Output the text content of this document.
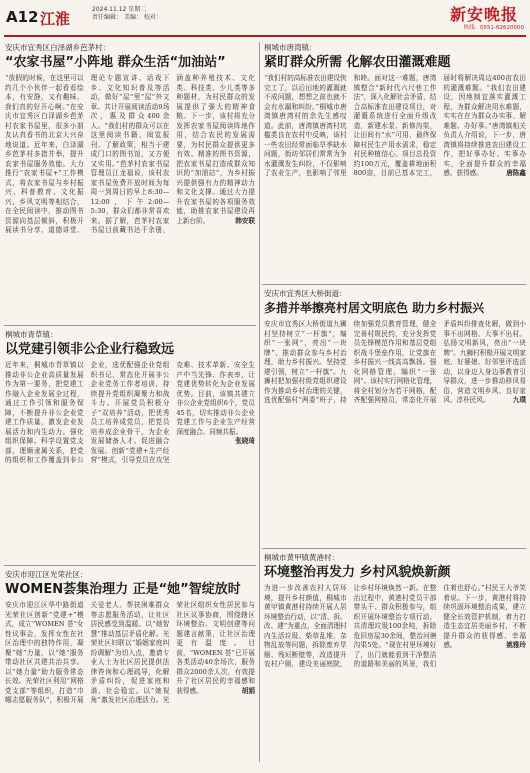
A12 江淮
2024.11.12 星期二
责任编辑： 美编： 校对：	新安晚报
热线：0551-62620000
安庆市宜秀区白泽湖乡芭茅村：
“农家书屋”小阵地 群众生活“加油站”
“放假的时候，在这里可以约几个小伙伴一起看看绘本，有安静，又有趣味，我们真的好开心啊。”在安庆市宜秀区白泽湖乡芭茅村农家书屋里，很多小朋友认真看书的北京大兴奋地说道。近年来，白泽湖乡芭茅村多措并举，提升农家书屋服务效能。大力推行“农家书屋+”工作模式，将农家书屋与乡村振兴、科普教育、文化振兴、乡风文明等相结合，在全民阅读中，推动图书资源向基层倾斜，积极开展读书分享、道德讲堂、理论专题宣讲、话戏下乡、文化知识普及等活动，做好“屋”里“屋”外文章。共计开展阅读活动9场次，惠及群众400余人。“我们村的群众可以在这里阅读书籍、阅览报刊、了解政策，相当于建成门口的图书馆，又方便又实用。”芭茅村农家书屋管理员江龙福说，该村农家书屋免费开放时间为每周一到周日的早上8:30—12:00，下午2:00—5:30，群众们都非常喜欢来。据了解，芭茅村农家书屋目前藏书达千余册，涵盖种养殖技术、文化类、科技类、少儿类等多种题材，为村民群众的发展提供了强大的精神食粮。下一步，该村将充分发挥农家书屋阅读阵地作用，结合农民的发展需要，为村民群众提供更多有效、精准的图书资源，把农家书屋打造成群众知识的“加油站”，为乡村振兴提供强有力的精神动力和文化支撑。通过大力提升农家书屋的各项服务效能，助推农家书屋建设再上新台阶。	韩安联
桐城市唐湾镇：
紧盯群众所需 化解农田灌溉难题
“我们村的高标准农田建设快完工了，以后田地的灌溉就不成问题，想想之前也就不会有水漏和纠纷。”桐城市唐湾镇唐湾村的余先生感叹道。此前，唐湾镇唐湾村坑槛类良在农村中反映，该村一些农田经常面临旱季缺水问题，街坊邻居们常常为争水灌溉发生纠纷，不仅影响了农业生产，也影响了邻里和睦。面对这一难题，唐湾镇整合“新时代六尺巷工作法”，深入化解社会矛盾，结合高标准农田建设项目，对灌溉系统进行全面升级改造，新建水泵、新修沟渠，让田间有“水”可用，最终保障村民生产用水需求，稳定村民种植信心。项目总投资约100万元，覆盖耕地面积800亩，目前已基本完工，届时将解决周边400亩农田的灌溉难题。“我们农田建设，因地制宜落实灌溉工程，为群众解决用水难题，实实在在为群众办实事、解难题、办好事。”唐湾镇相关负责人介绍说，下一步，唐湾镇将持续推进农田建设工作，把好事办好、实事办实，全面提升群众的幸福感、获得感。	唐陈鑫
桐城市青草镇：
以党建引领非公企业行稳致远
近年来，桐城市青草镇以推动非公企业高质量发展作为第一要务，把党建工作融入企业发展全过程，通过工作引领和服务保障，不断提升非公企业党建工作质量，激发企业发展活力和内生动力。强化组织保障。科学设置党支部，理顺隶属关系，把党的组织和工作覆盖到非公企业，选优配强企业党组织书记，常态化开展非公企业党务工作者培训，持续提升党组织凝聚力和战斗力。开展党员积极分子“双培养”活动，把优秀员工培养成党员，把党员培养成企业骨干，为企业发展储备人才。促进融合发展。创新“党建+生产经营”模式，引导党员在攻坚克难、技术革新、安全生产中当先锋、作表率，让党建优势转化为企业发展优势。目前，该镇共建立非公企业党组织6个，党员45名，切实推动非公企业党建工作与企业生产经营深度融合、同频共振。
张晓琦
安庆市宜秀区大桥街道：
多措并举擦亮村居文明底色 助力乡村振兴
安庆市宜秀区大桥街道九狮村坚持树立“一杆旗”，编织“一张网”，亮出“一块牌”，推动群众参与乡村治理，助力乡村振兴。坚持党建引领，树立“一杆旗”。九狮村把加强村级党组织建设作为推动乡村治理的关键，选优配强村“两委”班子，持续加强党员教育管理，健全完善村规民约，充分发挥党员先锋模范作用和基层党组织战斗堡垒作用，让党旗在乡村振兴一线高高飘扬。强化网格管理，编织“一张网”。该村实行网格化管理，将全村划分为若干网格，配齐配强网格员，常态化开展矛盾纠纷排查化解，做到小事不出网格、大事不出村。弘扬文明新风，亮出“一块牌”。九狮村积极开展文明家庭、好婆媳、好邻里评选活动，以身边人身边事教育引导群众，进一步推动移风易俗，营造文明乡风、良好家风、淳朴民风。	九璞
安庆市迎江区光荣社区：
WOMEN荟集治理力 正是“她”智绽放时
安庆市迎江区华中路街道光荣社区创新“党建+”模式，成立“WOMEN 荟”女性议事会，发挥女性在社区治理中的独特作用，凝聚“她”力量，以“她”服务带动社区共建共治共享。以“她力量”助力服务常态长效。光荣社区利用“网格党支部”等组织，打造“巾帼志愿服务队”，积极开展关爱老人、帮扶困难群众等志愿服务活动，让社区居民感受到温暖。以“她智慧”推动基层矛盾化解。光荣社区妇联以“婚姻家庭纠纷调解”为切入点，邀请专业人士为社区居民提供法律咨询和心理疏导，化解矛盾纠纷，促进家庭和谐、社会稳定。以“她视角”激发社区治理活力。光荣社区组织女性居民参与社区议事协商，围绕辖区环境整治、文明创建等问题建言献策，让社区治理更有温度。目前，“WOMEN 荟”已开展各类活动40余场次，服务群众2000余人次，有效提升了社区居民的幸福感和获得感。	胡娟
桐城市黄甲镇黄港村：
环境整治再发力 乡村风貌焕新颜
为进一步改善农村人居环境，提升乡村颜值，桐城市黄甲镇黄港村持续开展人居环境整治行动，以“清、拆、改、建”为重点，全面清理村内生活垃圾、柴草乱堆、杂物乱放等问题，拆除废弃旱厕、残垣断壁等，改造提升农村户厕，建设美丽庭院，让乡村环境焕然一新。在整治过程中，黄港村党员干部带头干、群众积极参与，组织开展环境整治专项行动，共清理垃圾100余吨，拆除危旧房屋30余间，整治河塘沟渠5处。“现在村里环境好了，出门就能看到干净整洁的道路和美丽的风景，我们住着也舒心。”村民王大爷笑着说。下一步，黄港村将持续巩固环境整治成果，建立健全长效管护机制，着力打造生态宜居美丽乡村，不断提升群众的获得感、幸福感。	姚雅玲
